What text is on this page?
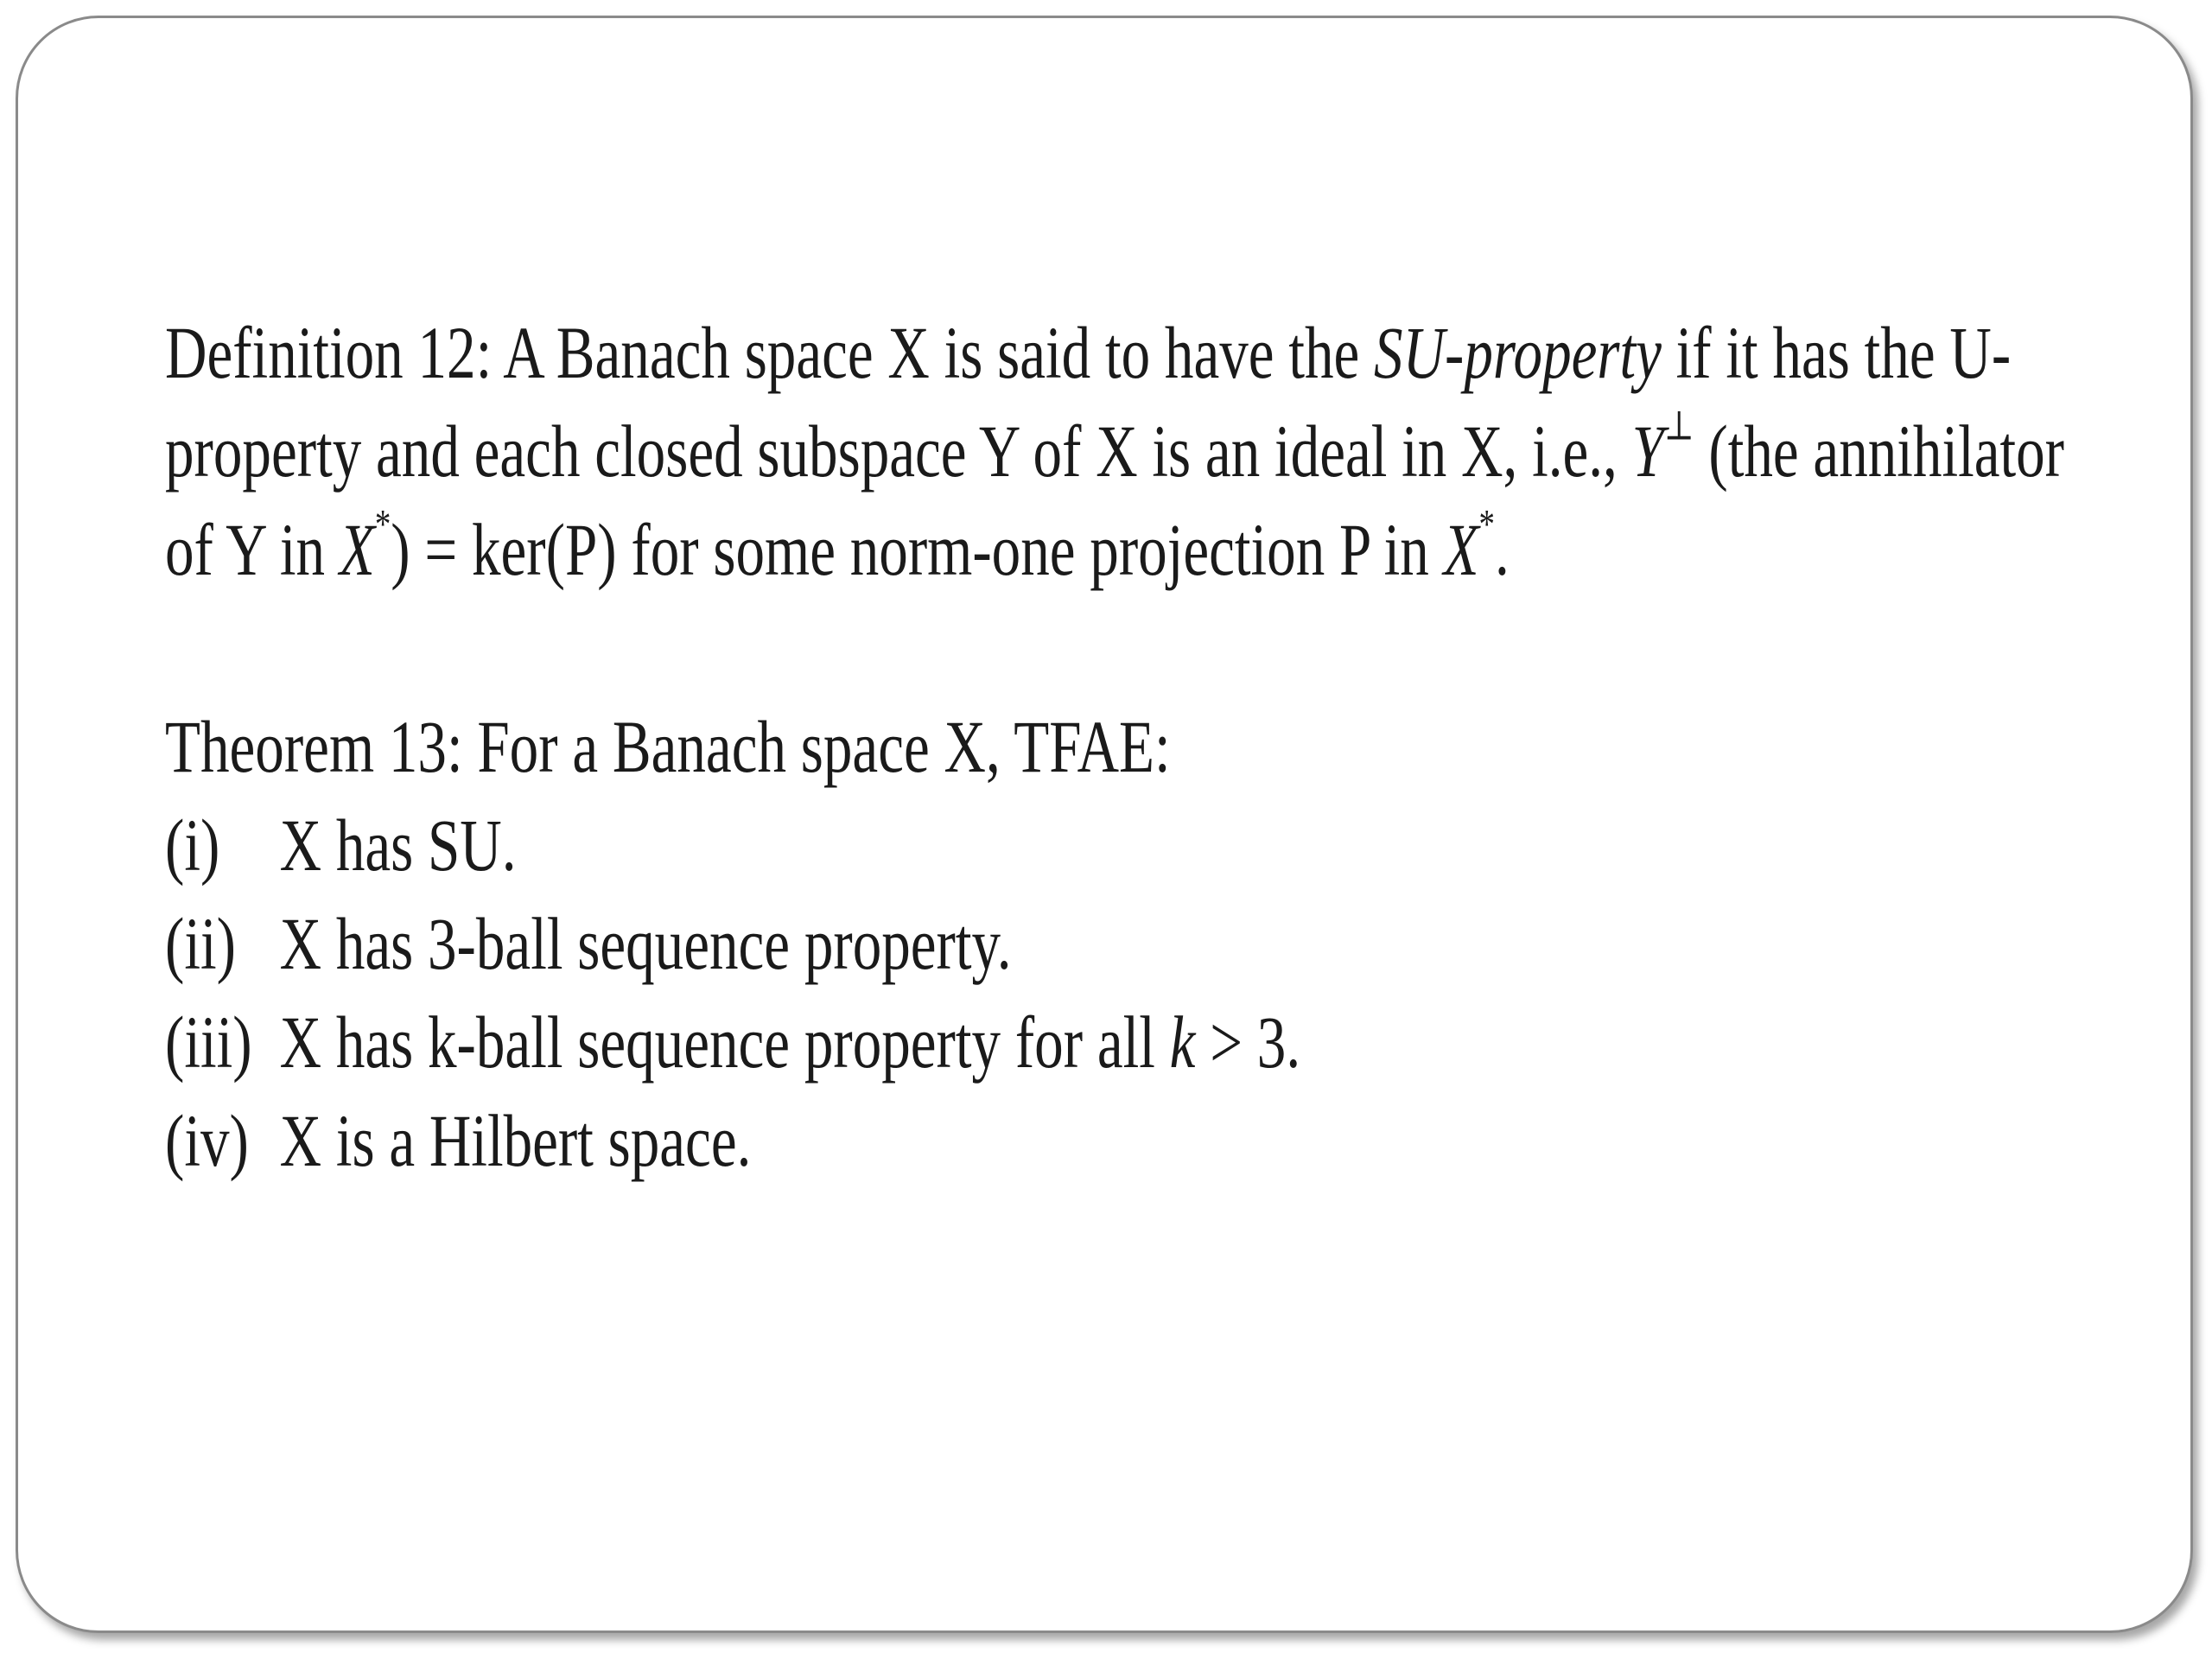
Definition 12: A Banach space X is said to have the SU-property if it has the U-property and each closed subspace Y of X is an ideal in X, i.e., Y⊥ (the annihilator of Y in X*) = ker(P) for some norm-one projection P in X*.

Theorem 13: For a Banach space X, TFAE:

(i) X has SU.
(ii) X has 3-ball sequence property.
(iii) X has k-ball sequence property for all k > 3.
(iv) X is a Hilbert space.
